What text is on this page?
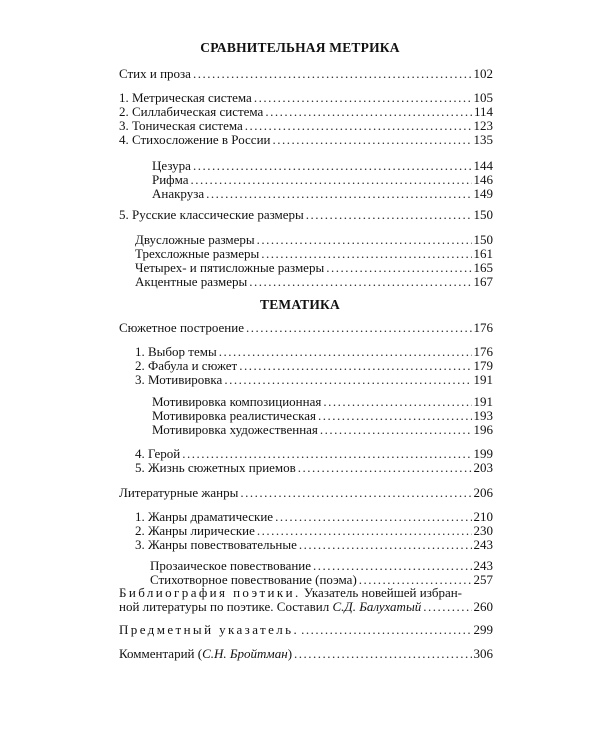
СРАВНИТЕЛЬНАЯ МЕТРИКА
Стих и проза .....	102
1. Метрическая система .....	105
2. Силлабическая система .....	114
3. Тоническая система .....	123
4. Стихосложение в России .....	135
Цезура .....	144
Рифма .....	146
Анакруза .....	149
5. Русские классические размеры .....	150
Двусложные размеры .....	150
Трехсложные размеры .....	161
Четырех- и пятисложные размеры .....	165
Акцентные размеры .....	167
ТЕМАТИКА
Сюжетное построение .....	176
1. Выбор темы .....	176
2. Фабула и сюжет .....	179
3. Мотивировка .....	191
Мотивировка композиционная .....	191
Мотивировка реалистическая .....	193
Мотивировка художественная .....	196
4. Герой .....	199
5. Жизнь сюжетных приемов .....	203
Литературные жанры .....	206
1. Жанры драматические .....	210
2. Жанры лирические .....	230
3. Жанры повествовательные .....	243
Прозаическое повествование .....	243
Стихотворное повествование (поэма) .....	257
Библиография поэтики. Указатель новейшей избран-
ной литературы по поэтике. Составил С.Д. Балухатый .....	260
Предметный указатель. .....	299
Комментарий (С.Н. Бройтман) .....	306
